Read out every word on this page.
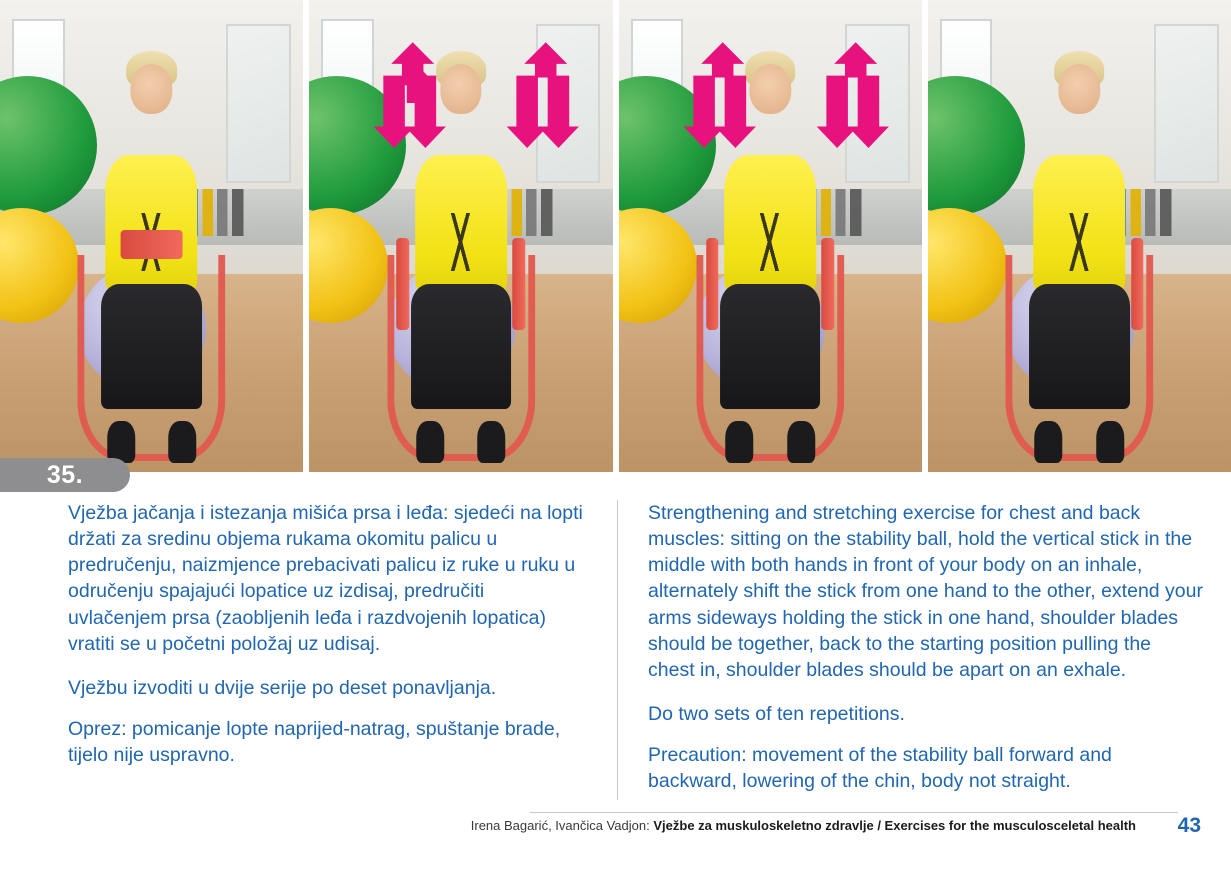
35.

Vježba jačanja i istezanja mišića prsa i leđa: sjedeći na lopti držati za sredinu objema rukama okomitu palicu u predručenju, naizmjence prebacivati palicu iz ruke u ruku u odručenju spajajući lopatice uz izdisaj, predručiti uvlačenjem prsa (zaobljenih leđa i razdvojenih lopatica) vratiti se u početni položaj uz udisaj.

Vježbu izvoditi u dvije serije po deset ponavljanja.

Oprez: pomicanje lopte naprijed-natrag, spuštanje brade, tijelo nije uspravno.

Strengthening and stretching exercise for chest and back muscles: sitting on the stability ball, hold the vertical stick in the middle with both hands in front of your body on an inhale, alternately shift the stick from one hand to the other, extend your arms sideways holding the stick in one hand, shoulder blades should be together, back to the starting position pulling the chest in, shoulder blades should be apart on an exhale.

Do two sets of ten repetitions.

Precaution: movement of the stability ball forward and backward, lowering of the chin, body not straight.

Irena Bagarić, Ivančica Vadjon: Vježbe za muskuloskeletno zdravlje / Exercises for the musculosceletal health 43
